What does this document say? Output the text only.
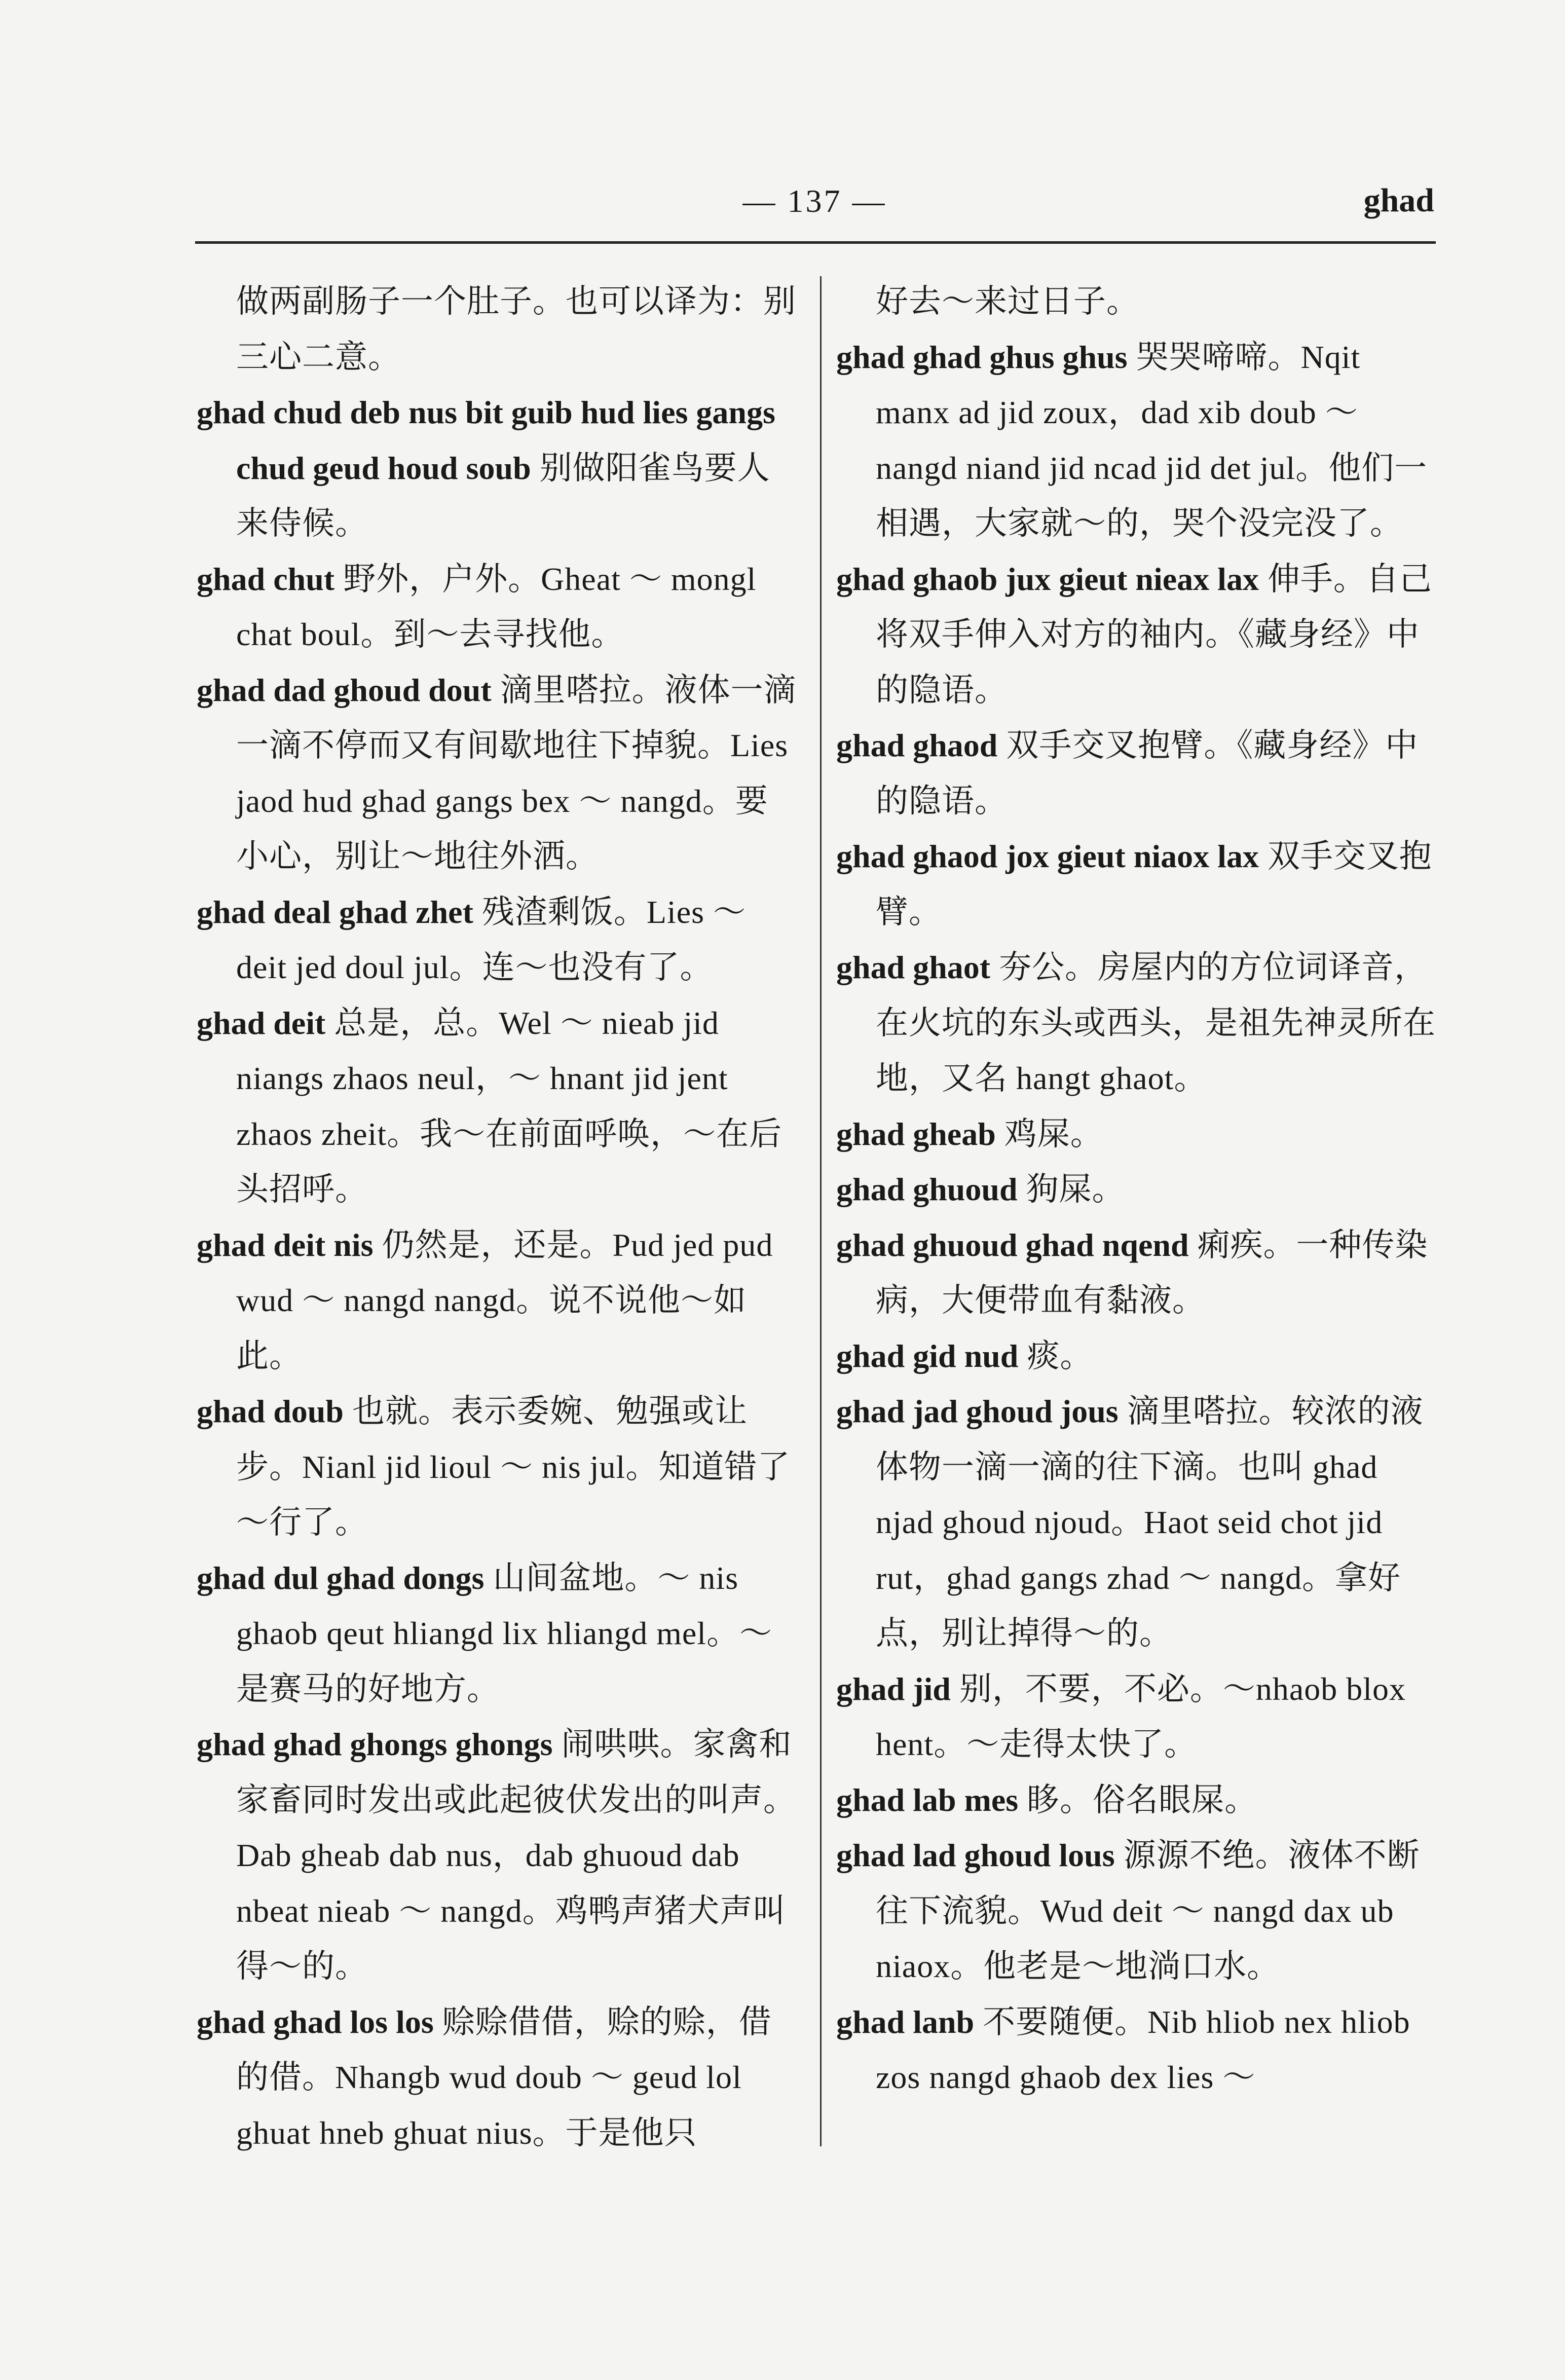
— 137 —	ghad
做两副肠子一个肚子。也可以译为：别三心二意。
ghad chud deb nus bit guib hud lies gangs chud geud houd soub 别做阳雀鸟要人来侍候。
ghad chut 野外，户外。Gheat ～ mongl chat boul。到～去寻找他。
ghad dad ghoud dout 滴里嗒拉。液体一滴一滴不停而又有间歇地往下掉貌。Lies jaod hud ghad gangs bex ～ nangd。要小心，别让～地往外洒。
ghad deal ghad zhet 残渣剩饭。Lies ～ deit jed doul jul。连～也没有了。
ghad deit 总是，总。Wel ～ nieab jid niangs zhaos neul，～ hnant jid jent zhaos zheit。我～在前面呼唤，～在后头招呼。
ghad deit nis 仍然是，还是。Pud jed pud wud ～ nangd nangd。说不说他～如此。
ghad doub 也就。表示委婉、勉强或让步。Nianl jid lioul ～ nis jul。知道错了～行了。
ghad dul ghad dongs 山间盆地。～ nis ghaob qeut hliangd lix hliangd mel。～是赛马的好地方。
ghad ghad ghongs ghongs 闹哄哄。家禽和家畜同时发出或此起彼伏发出的叫声。Dab gheab dab nus，dab ghuoud dab nbeat nieab ～ nangd。鸡鸭声猪犬声叫得～的。
ghad ghad los los 赊赊借借，赊的赊，借的借。Nhangb wud doub ～ geud lol ghuat hneb ghuat nius。于是他只
好去～来过日子。
ghad ghad ghus ghus 哭哭啼啼。Nqit manx ad jid zoux，dad xib doub ～ nangd niand jid ncad jid det jul。他们一相遇，大家就～的，哭个没完没了。
ghad ghaob jux gieut nieax lax 伸手。自己将双手伸入对方的袖内。《藏身经》中的隐语。
ghad ghaod 双手交叉抱臂。《藏身经》中的隐语。
ghad ghaod jox gieut niaox lax 双手交叉抱臂。
ghad ghaot 夯公。房屋内的方位词译音，在火坑的东头或西头，是祖先神灵所在地，又名 hangt ghaot。
ghad gheab 鸡屎。
ghad ghuoud 狗屎。
ghad ghuoud ghad nqend 痢疾。一种传染病，大便带血有黏液。
ghad gid nud 痰。
ghad jad ghoud jous 滴里嗒拉。较浓的液体物一滴一滴的往下滴。也叫 ghad njad ghoud njoud。Haot seid chot jid rut，ghad gangs zhad ～ nangd。拿好点，别让掉得～的。
ghad jid 别，不要，不必。～nhaob blox hent。～走得太快了。
ghad lab mes 眵。俗名眼屎。
ghad lad ghoud lous 源源不绝。液体不断往下流貌。Wud deit ～ nangd dax ub niaox。他老是～地淌口水。
ghad lanb 不要随便。Nib hliob nex hliob zos nangd ghaob dex lies ～
